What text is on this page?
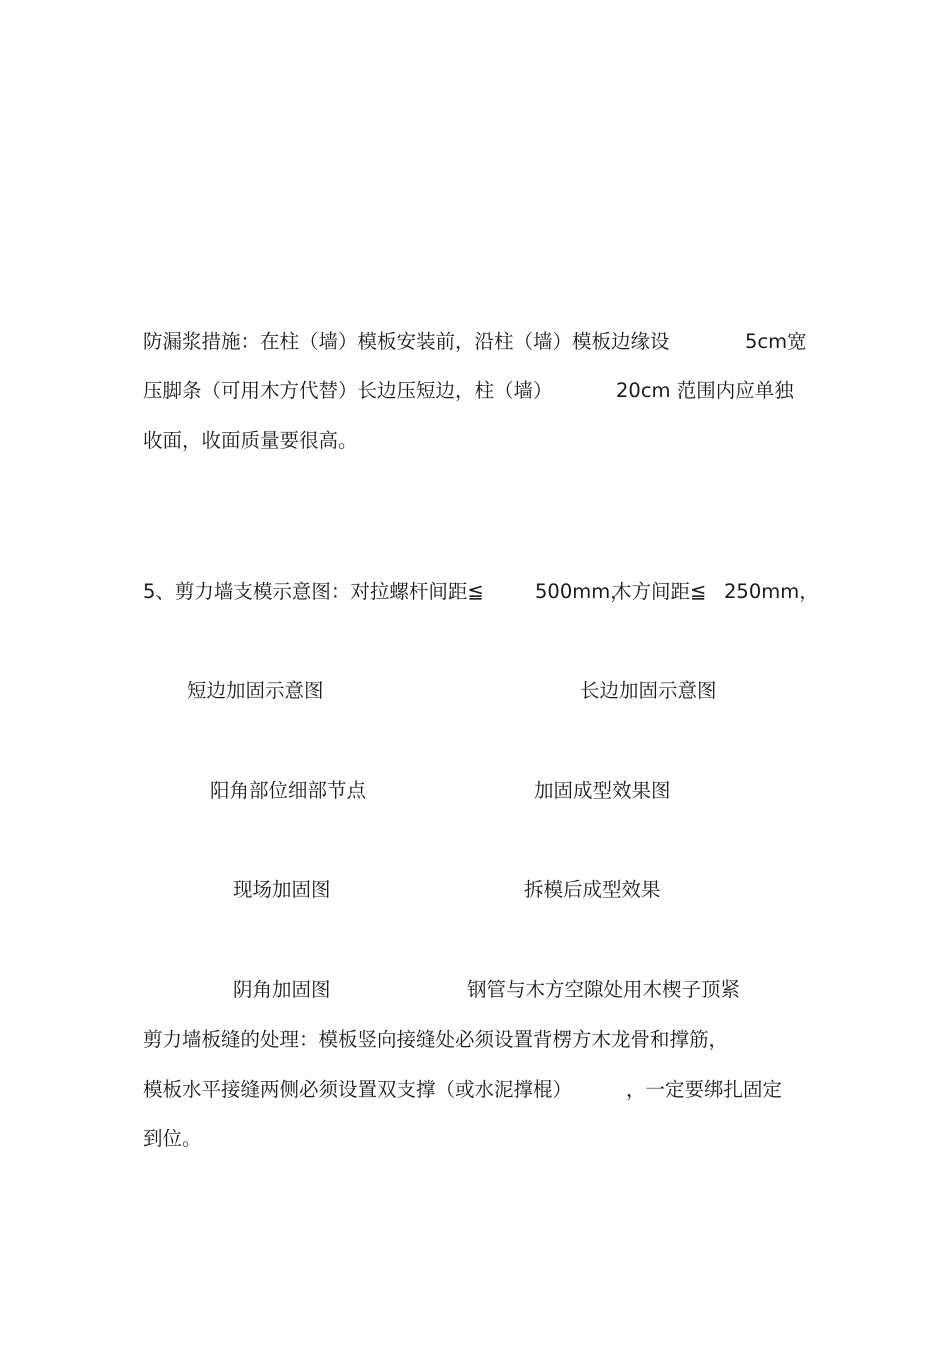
防漏浆措施：在柱（墙）模板安装前，沿柱（墙）模板边缘设	5cm宽
压脚条（可用木方代替）长边压短边，柱（墙）	20cm 范围内应单独
收面，收面质量要很高。
5、剪力墙支模示意图：对拉螺杆间距≦	500mm，
木方间距≦ 250mm，
短边加固示意图	长边加固示意图
阳角部位细部节点	加固成型效果图
现场加固图	拆模后成型效果
阴角加固图	钢管与木方空隙处用木楔子顶紧
剪力墙板缝的处理：模板竖向接缝处必须设置背楞方木龙骨和撑筋，
模板水平接缝两侧必须设置双支撑（或水泥撑棍）	，一定要绑扎固定
到位。
